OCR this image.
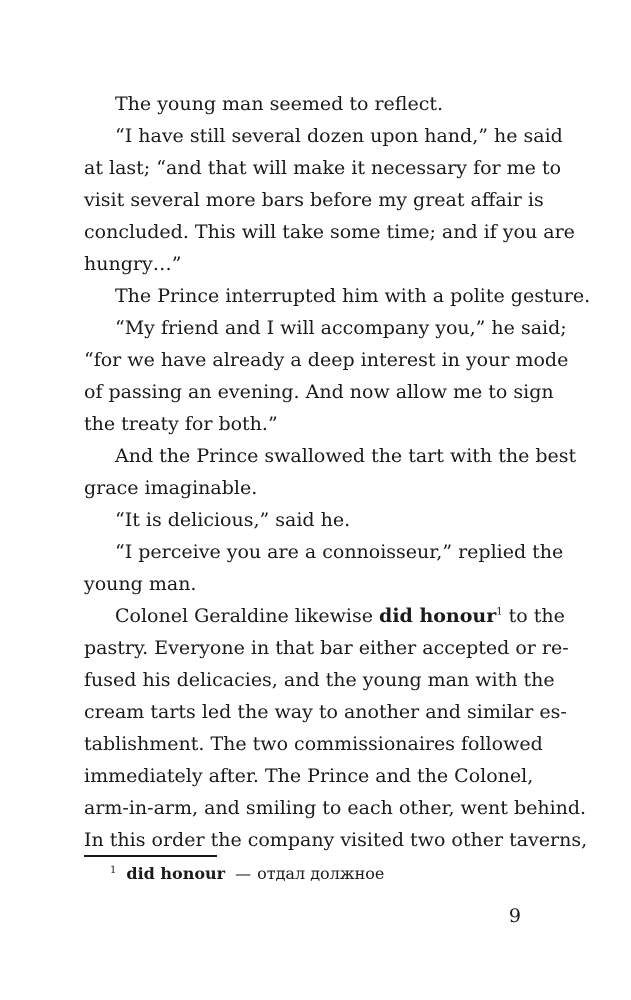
The young man seemed to reflect.
“I have still several dozen upon hand,” he said
at last; “and that will make it necessary for me to
visit several more bars before my great affair is
concluded. This will take some time; and if you are
hungry…”
The Prince interrupted him with a polite gesture.
“My friend and I will accompany you,” he said;
“for we have already a deep interest in your mode
of passing an evening. And now allow me to sign
the treaty for both.”
And the Prince swallowed the tart with the best
grace imaginable.
“It is delicious,” said he.
“I perceive you are a connoisseur,” replied the
young man.
Colonel Geraldine likewise did honour$^1$ to the
pastry. Everyone in that bar either accepted or re-
fused his delicacies, and the young man with the
cream tarts led the way to another and similar es-
tablishment. The two commissionaires followed
immediately after. The Prince and the Colonel,
arm-in-arm, and smiling to each other, went behind.
In this order the company visited two other taverns,
$^1$ did honour — отдал должное
9
